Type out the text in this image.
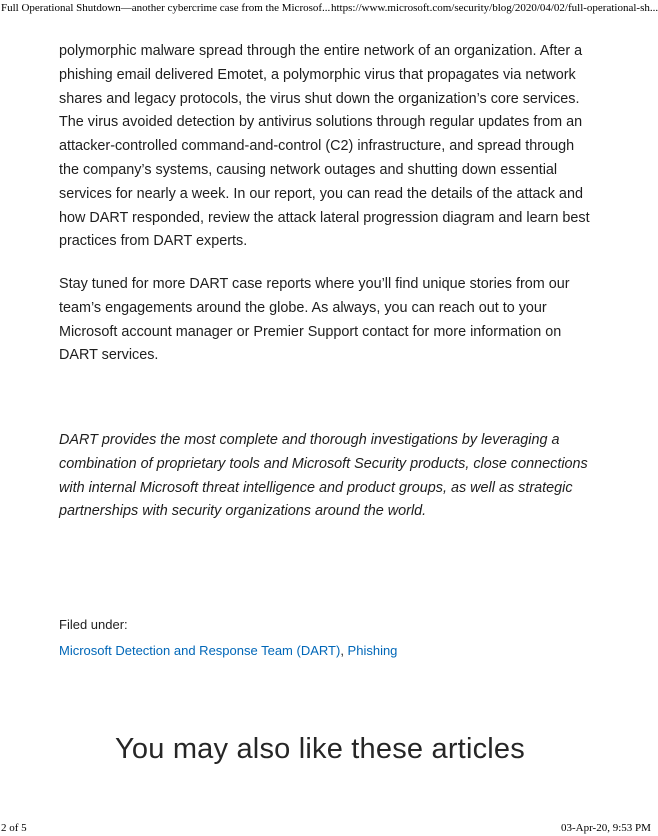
Full Operational Shutdown—another cybercrime case from the Microsof... https://www.microsoft.com/security/blog/2020/04/02/full-operational-sh...

polymorphic malware spread through the entire network of an organization. After a phishing email delivered Emotet, a polymorphic virus that propagates via network shares and legacy protocols, the virus shut down the organization’s core services. The virus avoided detection by antivirus solutions through regular updates from an attacker-controlled command-and-control (C2) infrastructure, and spread through the company’s systems, causing network outages and shutting down essential services for nearly a week. In our report, you can read the details of the attack and how DART responded, review the attack lateral progression diagram and learn best practices from DART experts.

Stay tuned for more DART case reports where you’ll find unique stories from our team’s engagements around the globe. As always, you can reach out to your Microsoft account manager or Premier Support contact for more information on DART services.

DART provides the most complete and thorough investigations by leveraging a combination of proprietary tools and Microsoft Security products, close connections with internal Microsoft threat intelligence and product groups, as well as strategic partnerships with security organizations around the world.

Filed under:
Microsoft Detection and Response Team (DART), Phishing
You may also like these articles
2 of 5	03-Apr-20, 9:53 PM
